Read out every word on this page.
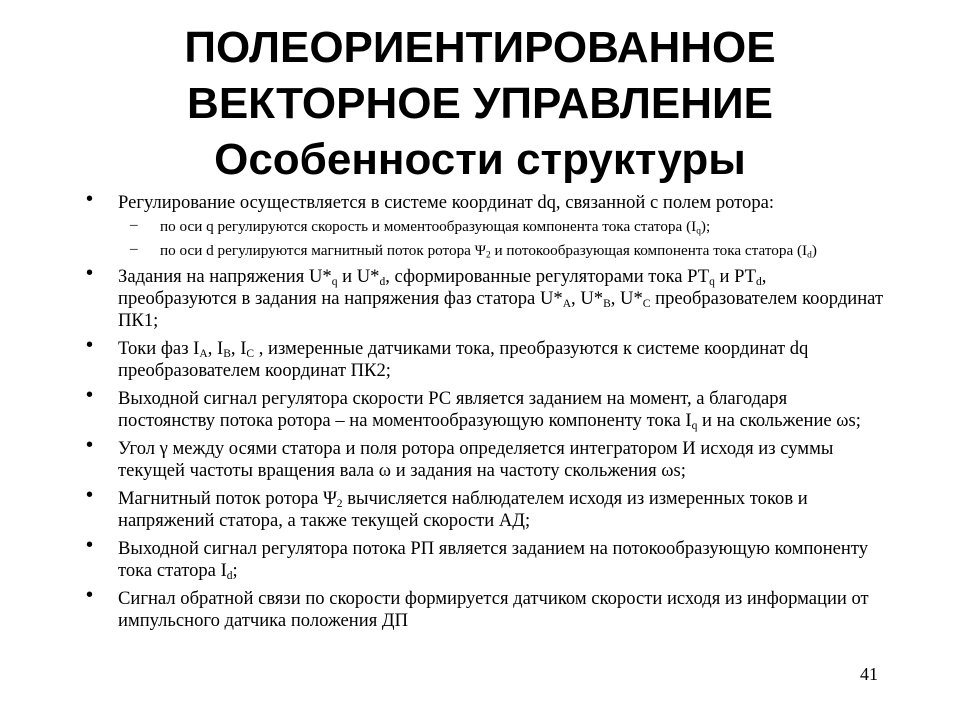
ПОЛЕОРИЕНТИРОВАННОЕ
ВЕКТОРНОЕ УПРАВЛЕНИЕ
Особенности структуры
• Регулирование осуществляется в системе координат dq, связанной с полем ротора:
– по оси q регулируются скорость и моментообразующая компонента тока статора $(I_q)$;
– по оси d регулируются магнитный поток ротора $\Psi_2$ и потокообразующая компонента тока статора $(I_d)$
• Задания на напряжения $U*_q$ и $U*_d$, сформированные регуляторами тока $РТ_q$ и $РТ_d$, преобразуются в задания на напряжения фаз статора $U*_A$, $U*_B$, $U*_C$ преобразователем координат ПК1;
• Токи фаз $I_A$, $I_B$, $I_C$ , измеренные датчиками тока, преобразуются к системе координат dq преобразователем координат ПК2;
• Выходной сигнал регулятора скорости РС является заданием на момент, а благодаря постоянству потока ротора – на моментообразующую компоненту тока $I_q$ и на скольжение ωs;
• Угол γ между осями статора и поля ротора определяется интегратором И исходя из суммы текущей частоты вращения вала ω и задания на частоту скольжения ωs;
• Магнитный поток ротора $\Psi_2$ вычисляется наблюдателем исходя из измеренных токов и напряжений статора, а также текущей скорости АД;
• Выходной сигнал регулятора потока РП является заданием на потокообразующую компоненту тока статора $I_d$;
• Сигнал обратной связи по скорости формируется датчиком скорости исходя из информации от импульсного датчика положения ДП
41
